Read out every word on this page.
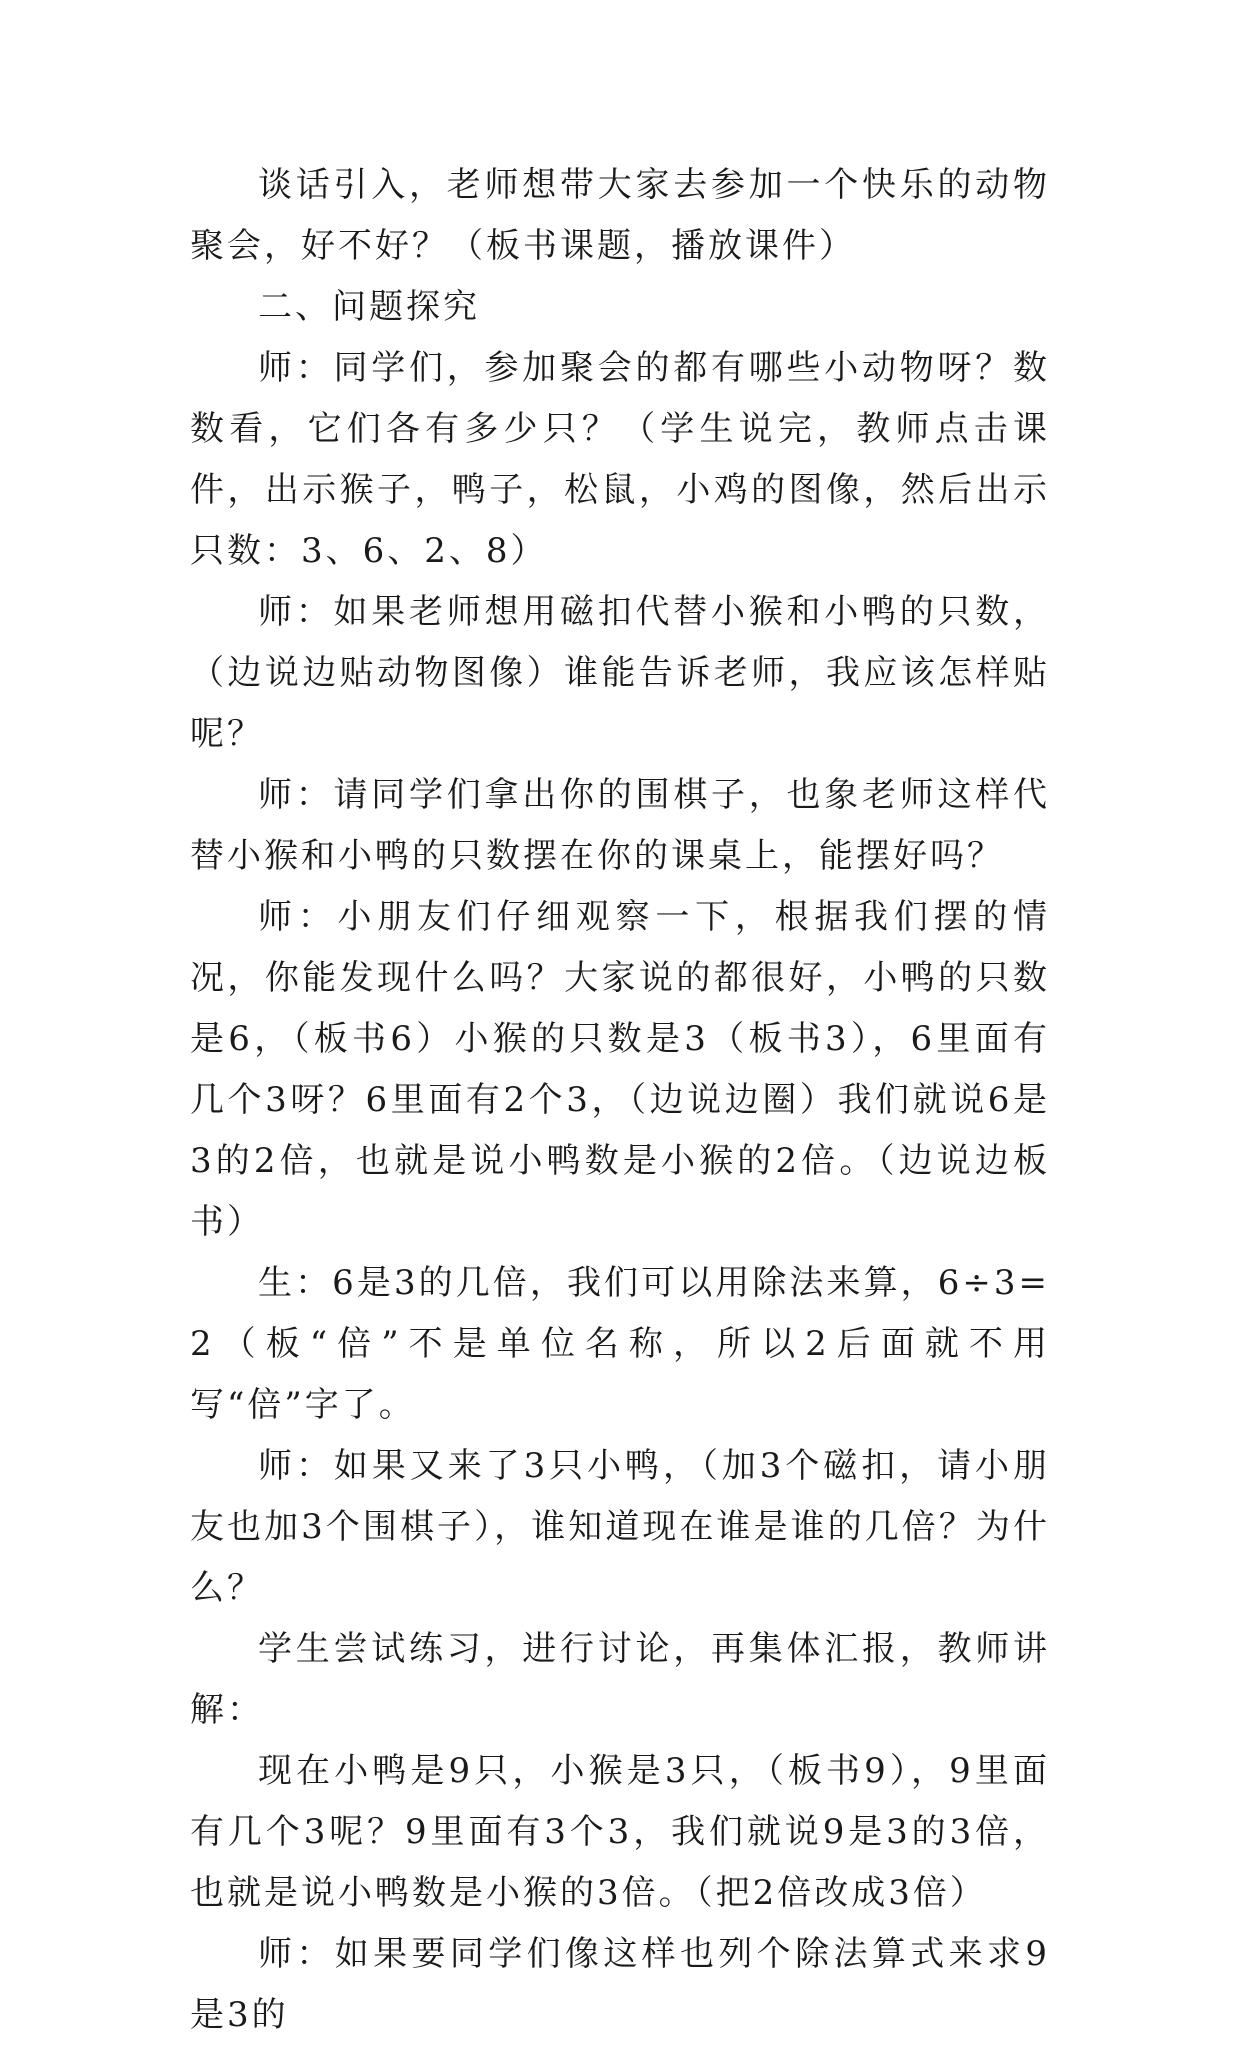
谈话引入，老师想带大家去参加一个快乐的动物聚会，好不好？（板书课题，播放课件）

二、问题探究

师：同学们，参加聚会的都有哪些小动物呀？数数看，它们各有多少只？（学生说完，教师点击课件，出示猴子，鸭子，松鼠，小鸡的图像，然后出示只数：3、6、2、8）

师：如果老师想用磁扣代替小猴和小鸭的只数，（边说边贴动物图像）谁能告诉老师，我应该怎样贴呢？

师：请同学们拿出你的围棋子，也象老师这样代替小猴和小鸭的只数摆在你的课桌上，能摆好吗？

师：小朋友们仔细观察一下，根据我们摆的情况，你能发现什么吗？大家说的都很好，小鸭的只数是6，（板书6）小猴的只数是3（板书3），6里面有几个3呀？6里面有2个3，（边说边圈）我们就说6是3的2倍，也就是说小鸭数是小猴的2倍。（边说边板书）

生：6是3的几倍，我们可以用除法来算，6÷3=2（板“倍”不是单位名称，所以2后面就不用写“倍”字了。

师：如果又来了3只小鸭，（加3个磁扣，请小朋友也加3个围棋子），谁知道现在谁是谁的几倍？为什么？

学生尝试练习，进行讨论，再集体汇报，教师讲解：

现在小鸭是9只，小猴是3只，（板书9），9里面有几个3呢？9里面有3个3，我们就说9是3的3倍，也就是说小鸭数是小猴的3倍。（把2倍改成3倍）

师：如果要同学们像这样也列个除法算式来求9是3的
